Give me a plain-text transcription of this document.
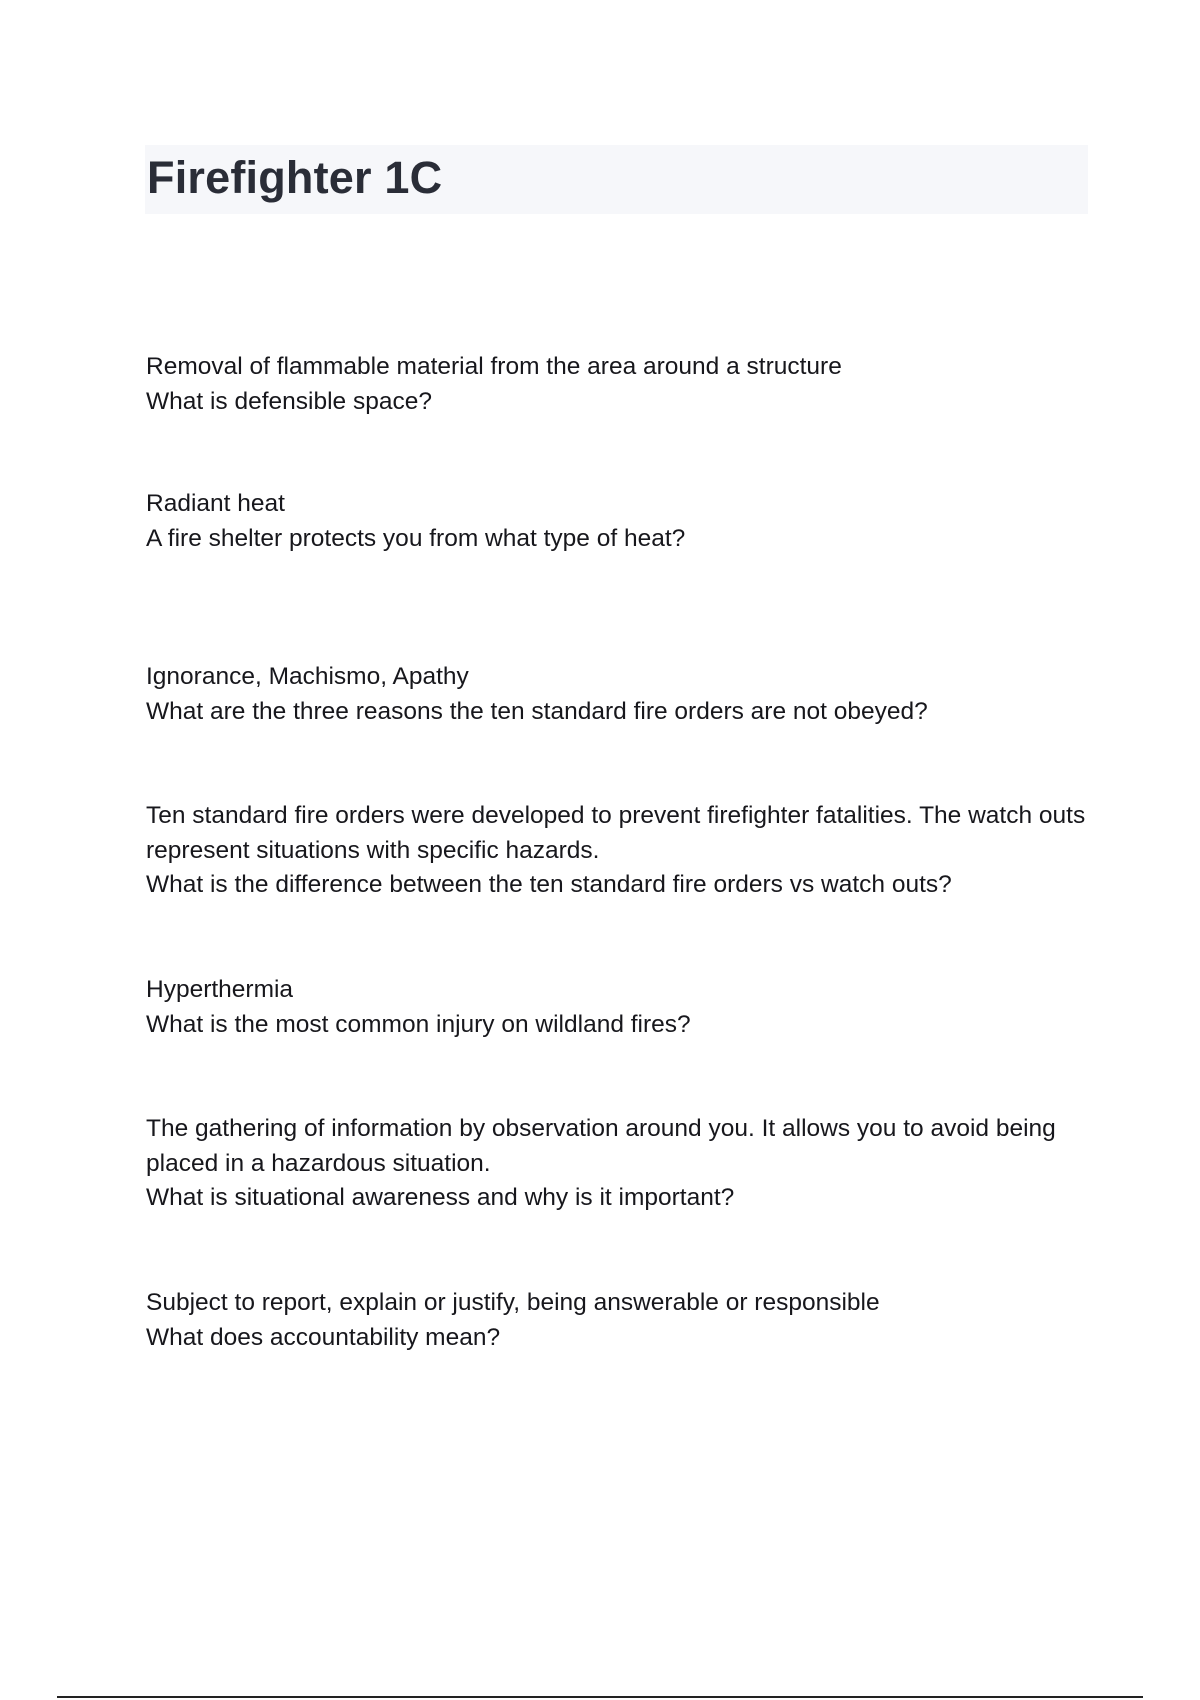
Firefighter 1C

Removal of flammable material from the area around a structure

What is defensible space?

Radiant heat

A fire shelter protects you from what type of heat?

Ignorance, Machismo, Apathy

What are the three reasons the ten standard fire orders are not obeyed?

Ten standard fire orders were developed to prevent firefighter fatalities. The watch outs represent situations with specific hazards.

What is the difference between the ten standard fire orders vs watch outs?

Hyperthermia

What is the most common injury on wildland fires?

The gathering of information by observation around you. It allows you to avoid being placed in a hazardous situation.

What is situational awareness and why is it important?

Subject to report, explain or justify, being answerable or responsible

What does accountability mean?
